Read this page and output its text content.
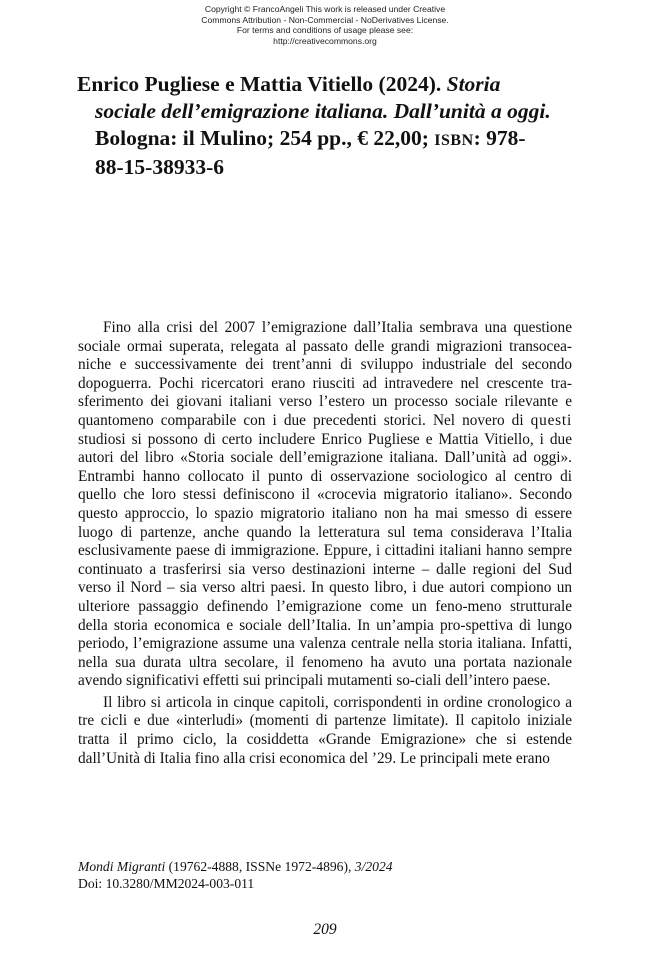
Copyright © FrancoAngeli This work is released under Creative
Commons Attribution - Non-Commercial - NoDerivatives License.
For terms and conditions of usage please see:
http://creativecommons.org
Enrico Pugliese e Mattia Vitiello (2024). Storia
sociale dell’emigrazione italiana. Dall’unità a oggi.
Bologna: il Mulino; 254 pp., € 22,00; ISBN: 978-
88-15-38933-6

Fino alla crisi del 2007 l’emigrazione dall’Italia sembrava una questione sociale ormai superata, relegata al passato delle grandi migrazioni transocea-niche e successivamente dei trent’anni di sviluppo industriale del secondo dopoguerra. Pochi ricercatori erano riusciti ad intravedere nel crescente tra-sferimento dei giovani italiani verso l’estero un processo sociale rilevante e quantomeno comparabile con i due precedenti storici. Nel novero di questi studiosi si possono di certo includere Enrico Pugliese e Mattia Vitiello, i due autori del libro «Storia sociale dell’emigrazione italiana. Dall’unità ad oggi». Entrambi hanno collocato il punto di osservazione sociologico al centro di quello che loro stessi definiscono il «crocevia migratorio italiano». Secondo questo approccio, lo spazio migratorio italiano non ha mai smesso di essere luogo di partenze, anche quando la letteratura sul tema considerava l’Italia esclusivamente paese di immigrazione. Eppure, i cittadini italiani hanno sempre continuato a trasferirsi sia verso destinazioni interne – dalle regioni del Sud verso il Nord – sia verso altri paesi. In questo libro, i due autori compiono un ulteriore passaggio definendo l’emigrazione come un feno-meno strutturale della storia economica e sociale dell’Italia. In un’ampia pro-spettiva di lungo periodo, l’emigrazione assume una valenza centrale nella storia italiana. Infatti, nella sua durata ultra secolare, il fenomeno ha avuto una portata nazionale avendo significativi effetti sui principali mutamenti so-ciali dell’intero paese.

Il libro si articola in cinque capitoli, corrispondenti in ordine cronologico a tre cicli e due «interludi» (momenti di partenze limitate). Il capitolo iniziale tratta il primo ciclo, la cosiddetta «Grande Emigrazione» che si estende dall’Unità di Italia fino alla crisi economica del ’29. Le principali mete erano

Mondi Migranti (19762-4888, ISSNe 1972-4896), 3/2024
Doi: 10.3280/MM2024-003-011
209
